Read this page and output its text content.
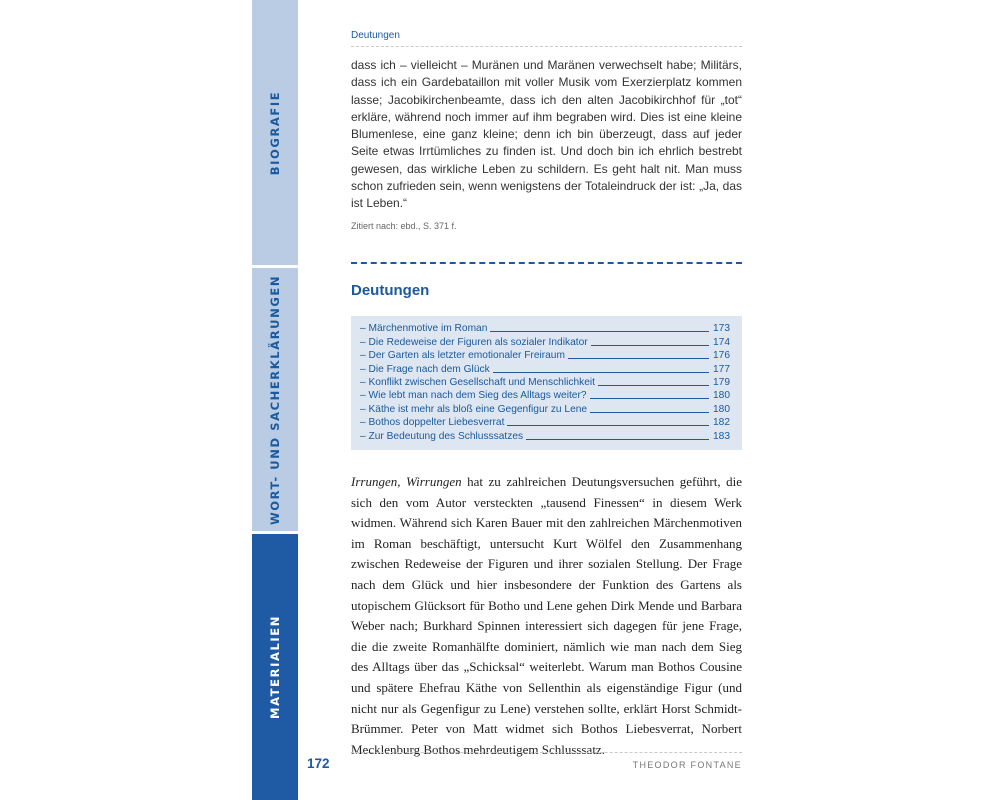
BIOGRAFIE
WORT- UND SACHERKLÄRUNGEN
MATERIALIEN
Deutungen

dass ich – vielleicht – Muränen und Maränen verwechselt habe; Militärs, dass ich ein Gardebataillon mit voller Musik vom Exerzierplatz kommen lasse; Jacobikirchenbeamte, dass ich den alten Jacobikirchhof für „tot“ erkläre, während noch immer auf ihm begraben wird. Dies ist eine kleine Blumenlese, eine ganz kleine; denn ich bin überzeugt, dass auf jeder Seite etwas Irrtümliches zu finden ist. Und doch bin ich ehrlich bestrebt gewesen, das wirkliche Leben zu schildern. Es geht halt nit. Man muss schon zufrieden sein, wenn wenigstens der Totaleindruck der ist: „Ja, das ist Leben.“

Zitiert nach: ebd., S. 371 f.
Deutungen
– Märchenmotive im Roman	173
– Die Redeweise der Figuren als sozialer Indikator	174
– Der Garten als letzter emotionaler Freiraum	176
– Die Frage nach dem Glück	177
– Konflikt zwischen Gesellschaft und Menschlichkeit	179
– Wie lebt man nach dem Sieg des Alltags weiter?	180
– Käthe ist mehr als bloß eine Gegenfigur zu Lene	180
– Bothos doppelter Liebesverrat	182
– Zur Bedeutung des Schlusssatzes	183

Irrungen, Wirrungen hat zu zahlreichen Deutungsversuchen geführt, die sich den vom Autor versteckten „tausend Finessen“ in diesem Werk widmen. Während sich Karen Bauer mit den zahlreichen Märchenmotiven im Roman beschäftigt, untersucht Kurt Wölfel den Zusammenhang zwischen Redeweise der Figuren und ihrer sozialen Stellung. Der Frage nach dem Glück und hier insbesondere der Funktion des Gartens als utopischem Glücksort für Botho und Lene gehen Dirk Mende und Barbara Weber nach; Burkhard Spinnen interessiert sich dagegen für jene Frage, die die zweite Romanhälfte dominiert, nämlich wie man nach dem Sieg des Alltags über das „Schicksal“ weiterlebt. Warum man Bothos Cousine und spätere Ehefrau Käthe von Sellenthin als eigenständige Figur (und nicht nur als Gegenfigur zu Lene) verstehen sollte, erklärt Horst Schmidt-Brümmer. Peter von Matt widmet sich Bothos Liebesverrat, Norbert Mecklenburg Bothos mehrdeutigem Schlusssatz.

172	THEODOR FONTANE
